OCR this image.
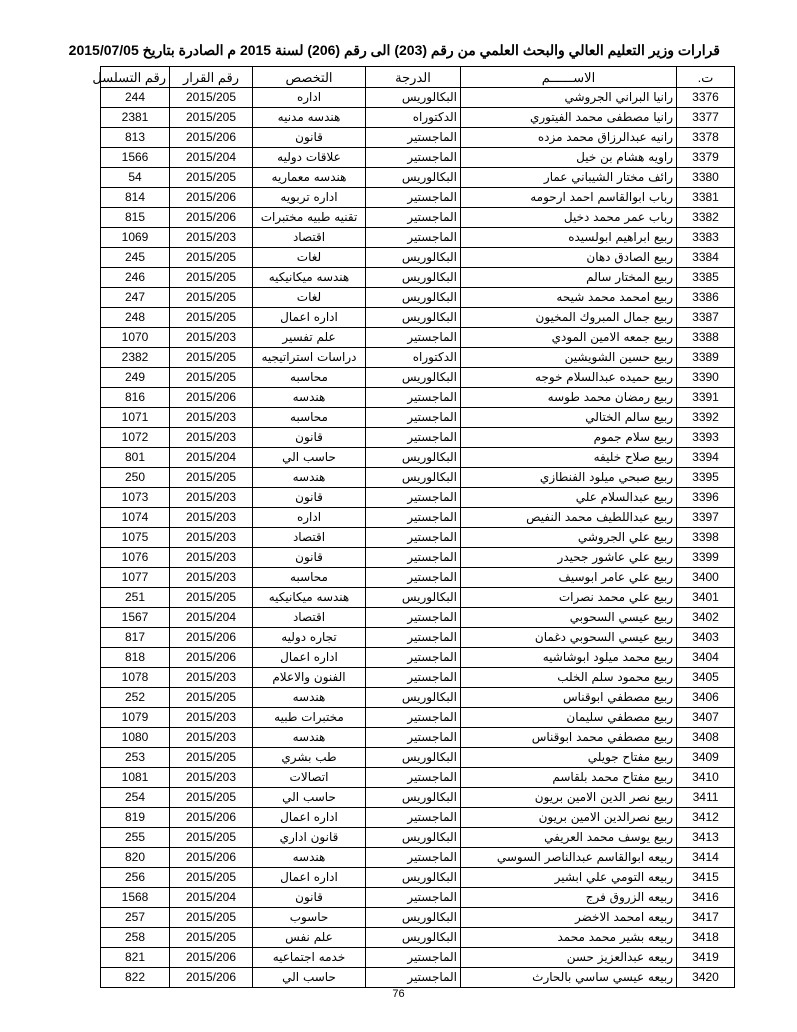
قرارات وزير التعليم العالي والبحث العلمي من رقم (203) الى رقم (206) لسنة 2015 م الصادرة بتاريخ 2015/07/05
ت.	الاســــــم	الدرجة	التخصص	رقم القرار	رقم التسلسل
3376	رانيا البراني الجروشي	البكالوريس	اداره	2015/205	244
3377	رانيا مصطفى محمد الفيتوري	الدكتوراه	هندسه مدنيه	2015/205	2381
3378	رانيه عبدالرزاق محمد مزده	الماجستير	قانون	2015/206	813
3379	راويه هشام بن خيل	الماجستير	علاقات دوليه	2015/204	1566
3380	رائف مختار الشيباني عمار	البكالوريس	هندسه معماريه	2015/205	54
3381	رباب ابوالقاسم احمد ارحومه	الماجستير	اداره تربويه	2015/206	814
3382	رباب عمر محمد دخيل	الماجستير	تقنيه طبيه مختبرات	2015/206	815
3383	ربيع ابراهيم ابولسيده	الماجستير	اقتصاد	2015/203	1069
3384	ربيع الصادق دهان	البكالوريس	لغات	2015/205	245
3385	ربيع المختار سالم	البكالوريس	هندسه ميكانيكيه	2015/205	246
3386	ربيع امحمد محمد شيحه	البكالوريس	لغات	2015/205	247
3387	ربيع جمال المبروك المخيون	البكالوريس	اداره اعمال	2015/205	248
3388	ربيع جمعه الامين المودي	الماجستير	علم تفسير	2015/203	1070
3389	ربيع حسين الشويشين	الدكتوراه	دراسات استراتيجيه	2015/205	2382
3390	ربيع حميده عبدالسلام خوجه	البكالوريس	محاسبه	2015/205	249
3391	ربيع رمضان محمد طوسه	الماجستير	هندسه	2015/206	816
3392	ربيع سالم الختالي	الماجستير	محاسبه	2015/203	1071
3393	ربيع سلام جموم	الماجستير	قانون	2015/203	1072
3394	ربيع صلاح خليفه	البكالوريس	حاسب الي	2015/204	801
3395	ربيع صبحي ميلود الفنطازي	البكالوريس	هندسه	2015/205	250
3396	ربيع عبدالسلام علي	الماجستير	قانون	2015/203	1073
3397	ربيع عبداللطيف محمد النفيص	الماجستير	اداره	2015/203	1074
3398	ربيع علي الجروشي	الماجستير	اقتصاد	2015/203	1075
3399	ربيع علي عاشور جحيدر	الماجستير	قانون	2015/203	1076
3400	ربيع علي عامر ابوسيف	الماجستير	محاسبه	2015/203	1077
3401	ربيع علي محمد نصرات	البكالوريس	هندسه ميكانيكيه	2015/205	251
3402	ربيع عيسي السحوبي	الماجستير	اقتصاد	2015/204	1567
3403	ربيع عيسي السحوبي دغمان	الماجستير	تجاره دوليه	2015/206	817
3404	ربيع محمد ميلود ابوشاشيه	الماجستير	اداره اعمال	2015/206	818
3405	ربيع محمود سلم الخلب	الماجستير	الفنون والاعلام	2015/203	1078
3406	ربيع مصطفي ابوقناس	البكالوريس	هندسه	2015/205	252
3407	ربيع مصطفي سليمان	الماجستير	مختبرات طبيه	2015/203	1079
3408	ربيع مصطفي محمد ابوقناس	الماجستير	هندسه	2015/203	1080
3409	ربيع مفتاح جويلي	البكالوريس	طب بشري	2015/205	253
3410	ربيع مفتاح محمد بلقاسم	الماجستير	اتصالات	2015/203	1081
3411	ربيع نصر الدين الامين بريون	البكالوريس	حاسب الي	2015/205	254
3412	ربيع نصرالدين الامين بريون	الماجستير	اداره اعمال	2015/206	819
3413	ربيع يوسف محمد العريفي	البكالوريس	قانون اداري	2015/205	255
3414	ربيعه ابوالقاسم عبدالناصر السوسي	الماجستير	هندسه	2015/206	820
3415	ربيعه التومي علي ابشير	البكالوريس	اداره اعمال	2015/205	256
3416	ربيعه الزروق فرج	الماجستير	قانون	2015/204	1568
3417	ربيعه امحمد الاخضر	البكالوريس	حاسوب	2015/205	257
3418	ربيعه بشير محمد محمد	البكالوريس	علم نفس	2015/205	258
3419	ربيعه عبدالعزيز حسن	الماجستير	خدمه اجتماعيه	2015/206	821
3420	ربيعه عيسي ساسي بالحارث	الماجستير	حاسب الي	2015/206	822
76
